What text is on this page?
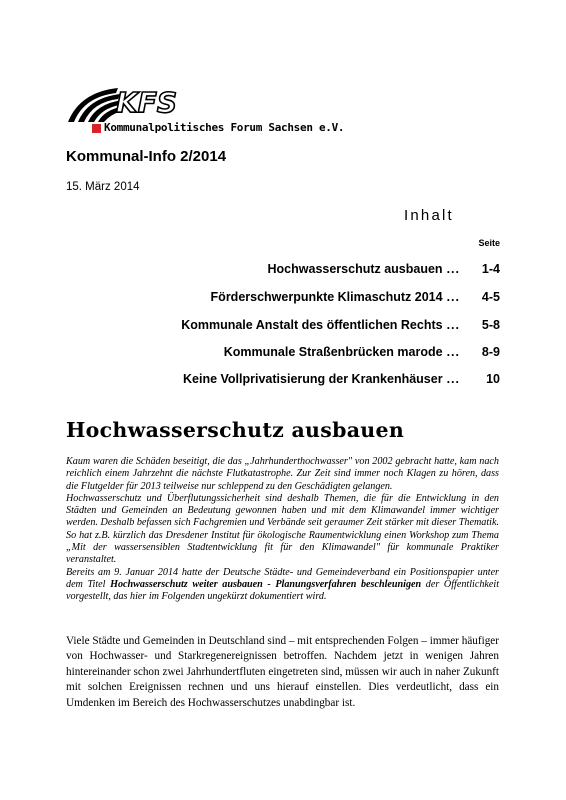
KFS
Kommunalpolitisches Forum Sachsen e.V.
Kommunal-Info 2/2014
15. März 2014
Inhalt
Seite
Hochwasserschutz ausbauen ...	1-4
Förderschwerpunkte Klimaschutz 2014 ...	4-5
Kommunale Anstalt des öffentlichen Rechts ...	5-8
Kommunale Straßenbrücken marode ...	8-9
Keine Vollprivatisierung der Krankenhäuser ...	10
Hochwasserschutz ausbauen

Kaum waren die Schäden beseitigt, die das „Jahrhunderthochwasser" von 2002 gebracht hatte, kam nach reichlich einem Jahrzehnt die nächste Flutkatastrophe. Zur Zeit sind immer noch Klagen zu hören, dass die Flutgelder für 2013 teilweise nur schleppend zu den Geschädigten gelangen.

Hochwasserschutz und Überflutungssicherheit sind deshalb Themen, die für die Entwicklung in den Städten und Gemeinden an Bedeutung gewonnen haben und mit dem Klimawandel immer wichtiger werden. Deshalb befassen sich Fachgremien und Verbände seit geraumer Zeit stärker mit dieser Thematik. So hat z.B. kürzlich das Dresdener Institut für ökologische Raumentwicklung einen Workshop zum Thema „Mit der wassersensiblen Stadtentwicklung fit für den Klimawandel" für kommunale Praktiker veranstaltet.

Bereits am 9. Januar 2014 hatte der Deutsche Städte- und Gemeindeverband ein Positionspapier unter dem Titel Hochwasserschutz weiter ausbauen - Planungsverfahren beschleunigen der Öffentlichkeit vorgestellt, das hier im Folgenden ungekürzt dokumentiert wird.

Viele Städte und Gemeinden in Deutschland sind – mit entsprechenden Folgen – immer häufiger von Hochwasser- und Starkregenereignissen betroffen. Nachdem jetzt in wenigen Jahren hintereinander schon zwei Jahrhundertfluten eingetreten sind, müssen wir auch in naher Zukunft mit solchen Ereignissen rechnen und uns hierauf einstellen. Dies verdeutlicht, dass ein Umdenken im Bereich des Hochwasserschutzes unabdingbar ist.
